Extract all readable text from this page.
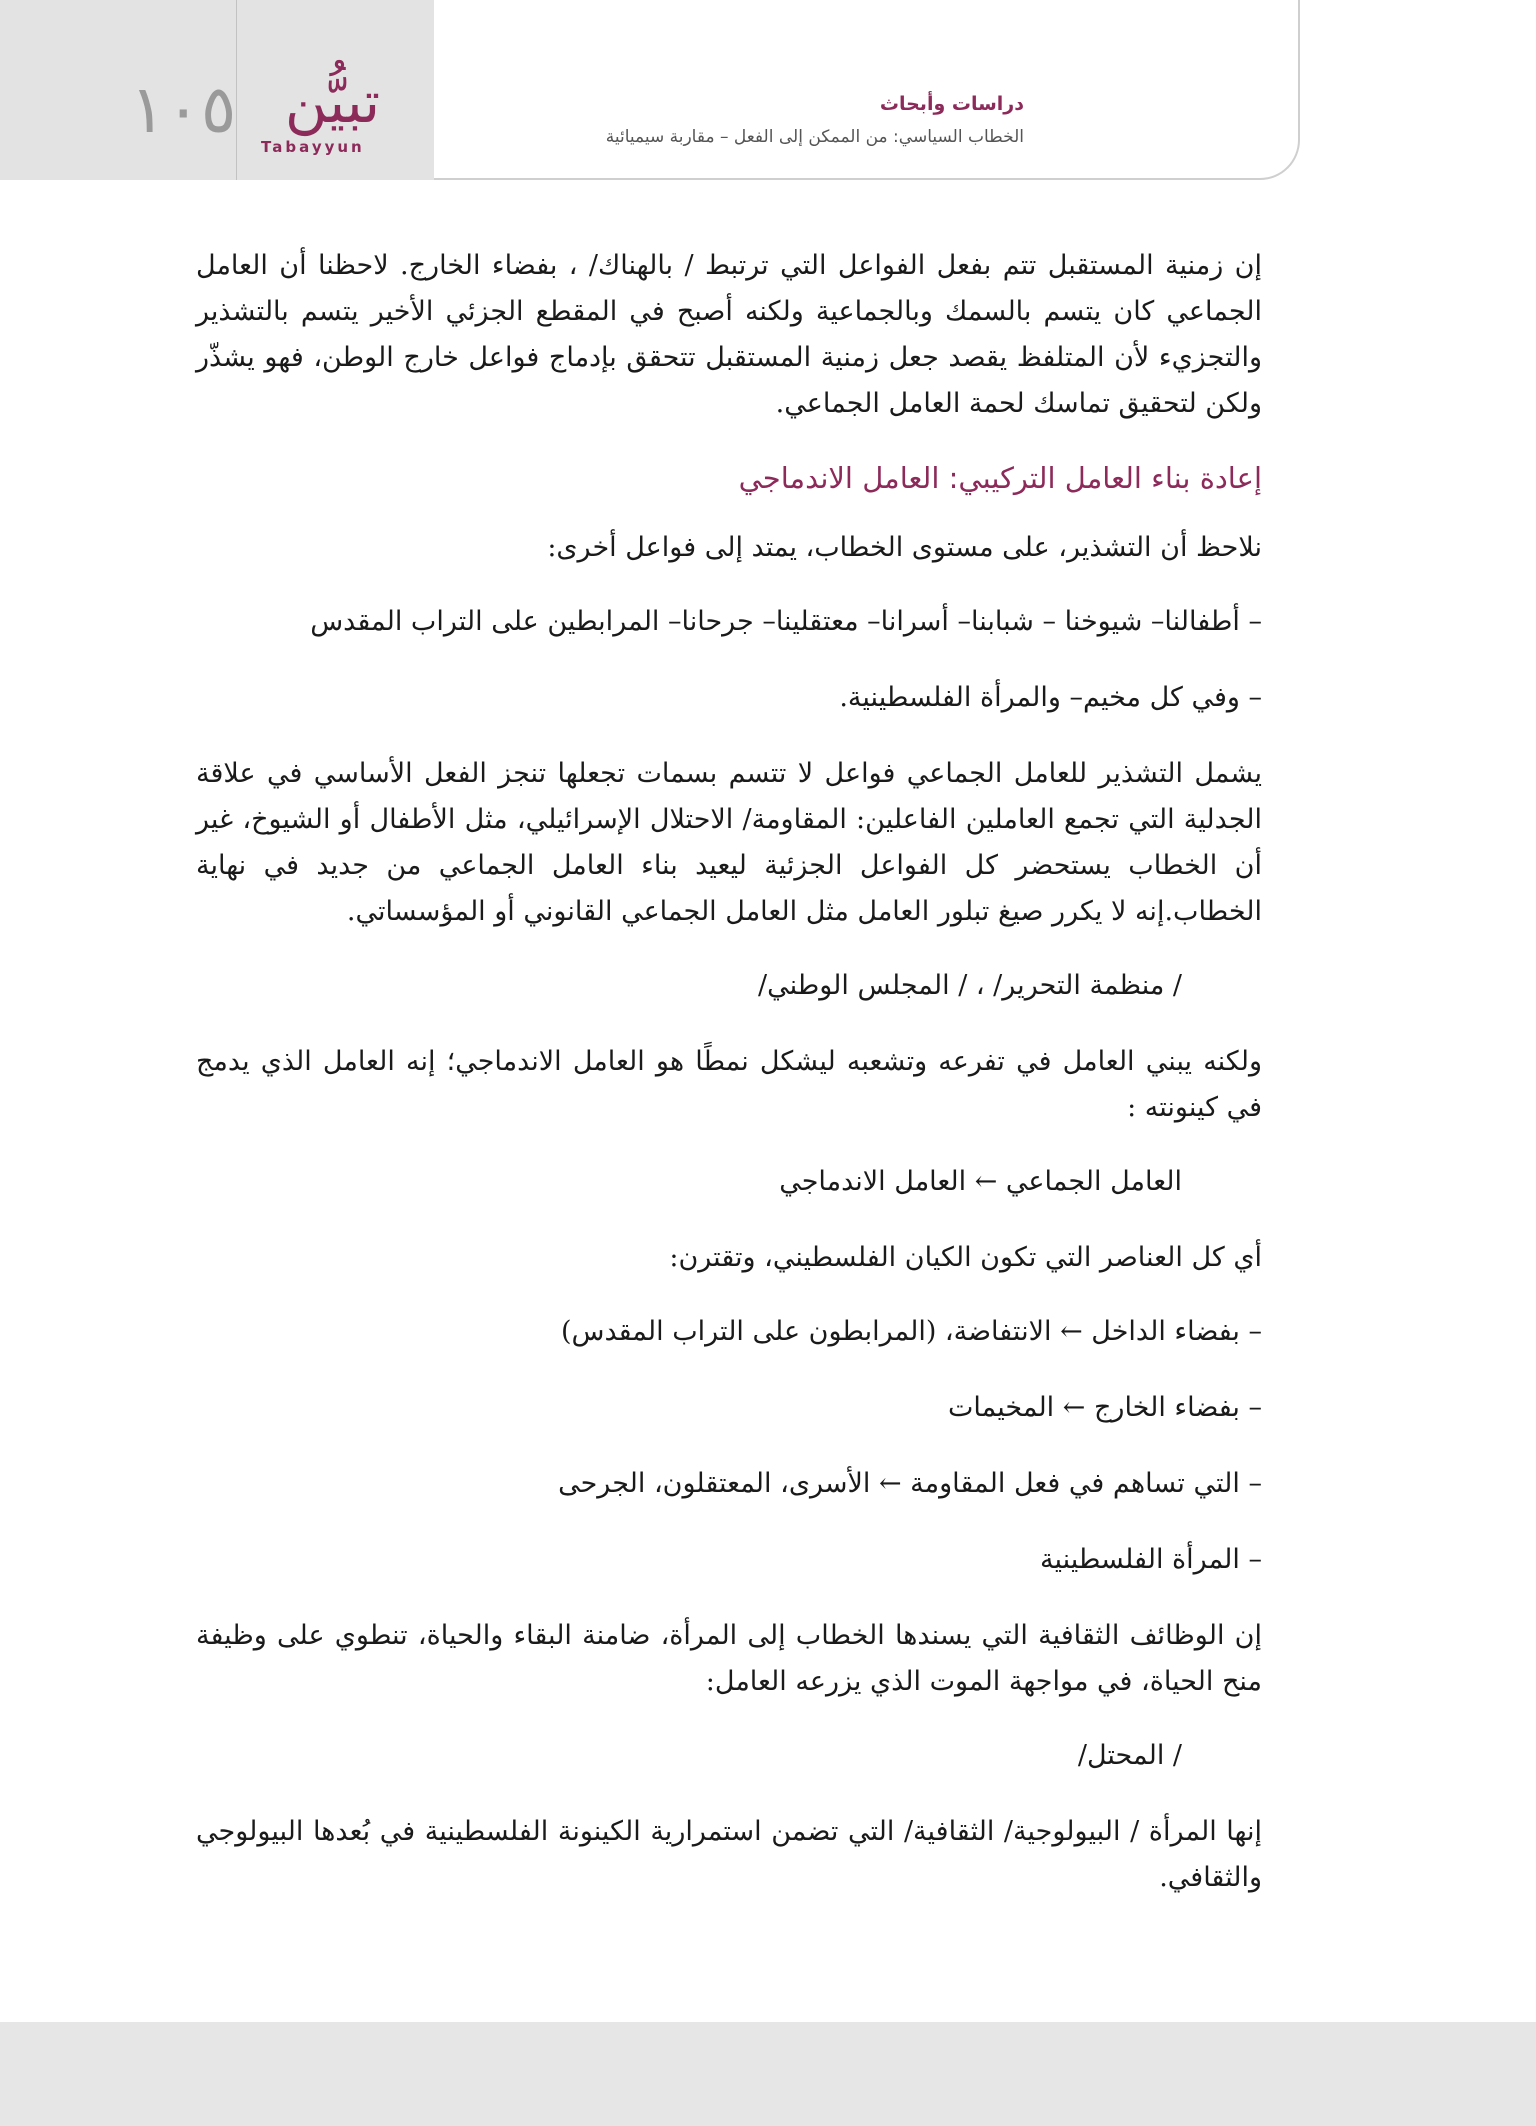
١٠٥ تبيُّن
Tabayyun
دراسات وأبحاث
الخطاب السياسي: من الممكن إلى الفعل – مقاربة سيميائية

إن زمنية المستقبل تتم بفعل الفواعل التي ترتبط / بالهناك/ ، بفضاء الخارج. لاحظنا أن العامل الجماعي كان يتسم بالسمك وبالجماعية ولكنه أصبح في المقطع الجزئي الأخير يتسم بالتشذير والتجزيء لأن المتلفظ يقصد جعل زمنية المستقبل تتحقق بإدماج فواعل خارج الوطن، فهو يشذّر ولكن لتحقيق تماسك لحمة العامل الجماعي.

إعادة بناء العامل التركيبي: العامل الاندماجي

نلاحظ أن التشذير، على مستوى الخطاب، يمتد إلى فواعل أخرى:

– أطفالنا– شيوخنا – شبابنا– أسرانا– معتقلينا– جرحانا– المرابطين على التراب المقدس
– وفي كل مخيم– والمرأة الفلسطينية.

يشمل التشذير للعامل الجماعي فواعل لا تتسم بسمات تجعلها تنجز الفعل الأساسي في علاقة الجدلية التي تجمع العاملين الفاعلين: المقاومة/ الاحتلال الإسرائيلي، مثل الأطفال أو الشيوخ، غير أن الخطاب يستحضر كل الفواعل الجزئية ليعيد بناء العامل الجماعي من جديد في نهاية الخطاب.إنه لا يكرر صيغ تبلور العامل مثل العامل الجماعي القانوني أو المؤسساتي.

/ منظمة التحرير/ ، / المجلس الوطني/

ولكنه يبني العامل في تفرعه وتشعبه ليشكل نمطًا هو العامل الاندماجي؛ إنه العامل الذي يدمج في كينونته :

العامل الجماعي ← العامل الاندماجي

أي كل العناصر التي تكون الكيان الفلسطيني، وتقترن:

– بفضاء الداخل ← الانتفاضة، (المرابطون على التراب المقدس)
– بفضاء الخارج ← المخيمات
– التي تساهم في فعل المقاومة ← الأسرى، المعتقلون، الجرحى
– المرأة الفلسطينية

إن الوظائف الثقافية التي يسندها الخطاب إلى المرأة، ضامنة البقاء والحياة، تنطوي على وظيفة منح الحياة، في مواجهة الموت الذي يزرعه العامل:

/ المحتل/

إنها المرأة / البيولوجية/ الثقافية/ التي تضمن استمرارية الكينونة الفلسطينية في بُعدها البيولوجي والثقافي.
